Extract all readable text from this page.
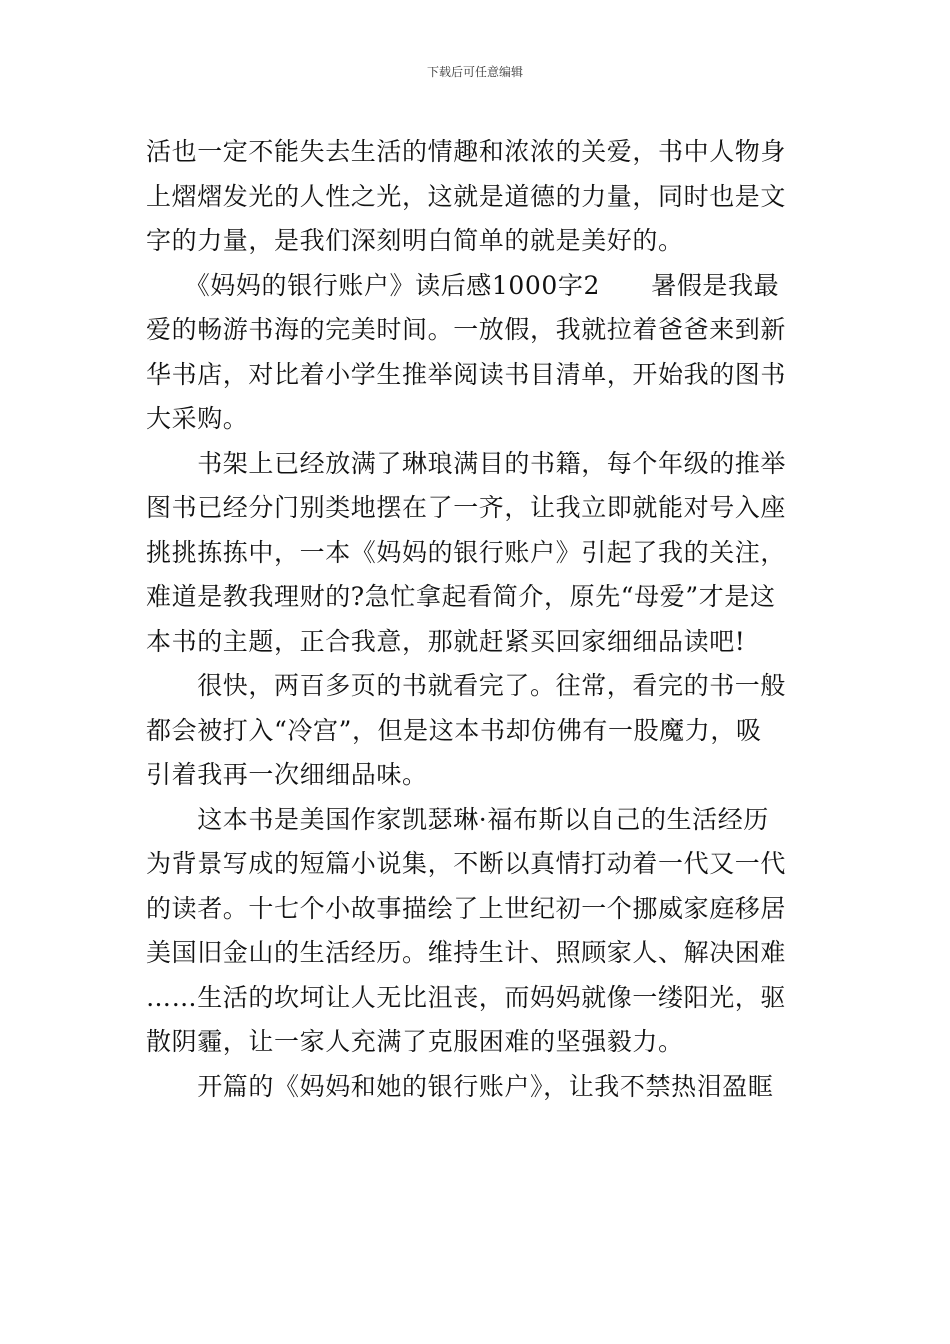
下载后可任意编辑
活也一定不能失去生活的情趣和浓浓的关爱，书中人物身
上熠熠发光的人性之光，这就是道德的力量，同时也是文
字的力量，是我们深刻明白简单的就是美好的。
　　《妈妈的银行账户》读后感1000字2　　暑假是我最
爱的畅游书海的完美时间。一放假，我就拉着爸爸来到新
华书店，对比着小学生推举阅读书目清单，开始我的图书
大采购。
　　书架上已经放满了琳琅满目的书籍，每个年级的推举
图书已经分门别类地摆在了一齐，让我立即就能对号入座
挑挑拣拣中，一本《妈妈的银行账户》引起了我的关注，
难道是教我理财的?急忙拿起看简介，原先“母爱”才是这
本书的主题，正合我意，那就赶紧买回家细细品读吧!
　　很快，两百多页的书就看完了。往常，看完的书一般
都会被打入“冷宫”，但是这本书却仿佛有一股魔力，吸
引着我再一次细细品味。
　　这本书是美国作家凯瑟琳·福布斯以自己的生活经历
为背景写成的短篇小说集，不断以真情打动着一代又一代
的读者。十七个小故事描绘了上世纪初一个挪威家庭移居
美国旧金山的生活经历。维持生计、照顾家人、解决困难
……生活的坎坷让人无比沮丧，而妈妈就像一缕阳光，驱
散阴霾，让一家人充满了克服困难的坚强毅力。
　　开篇的《妈妈和她的银行账户》，让我不禁热泪盈眶
